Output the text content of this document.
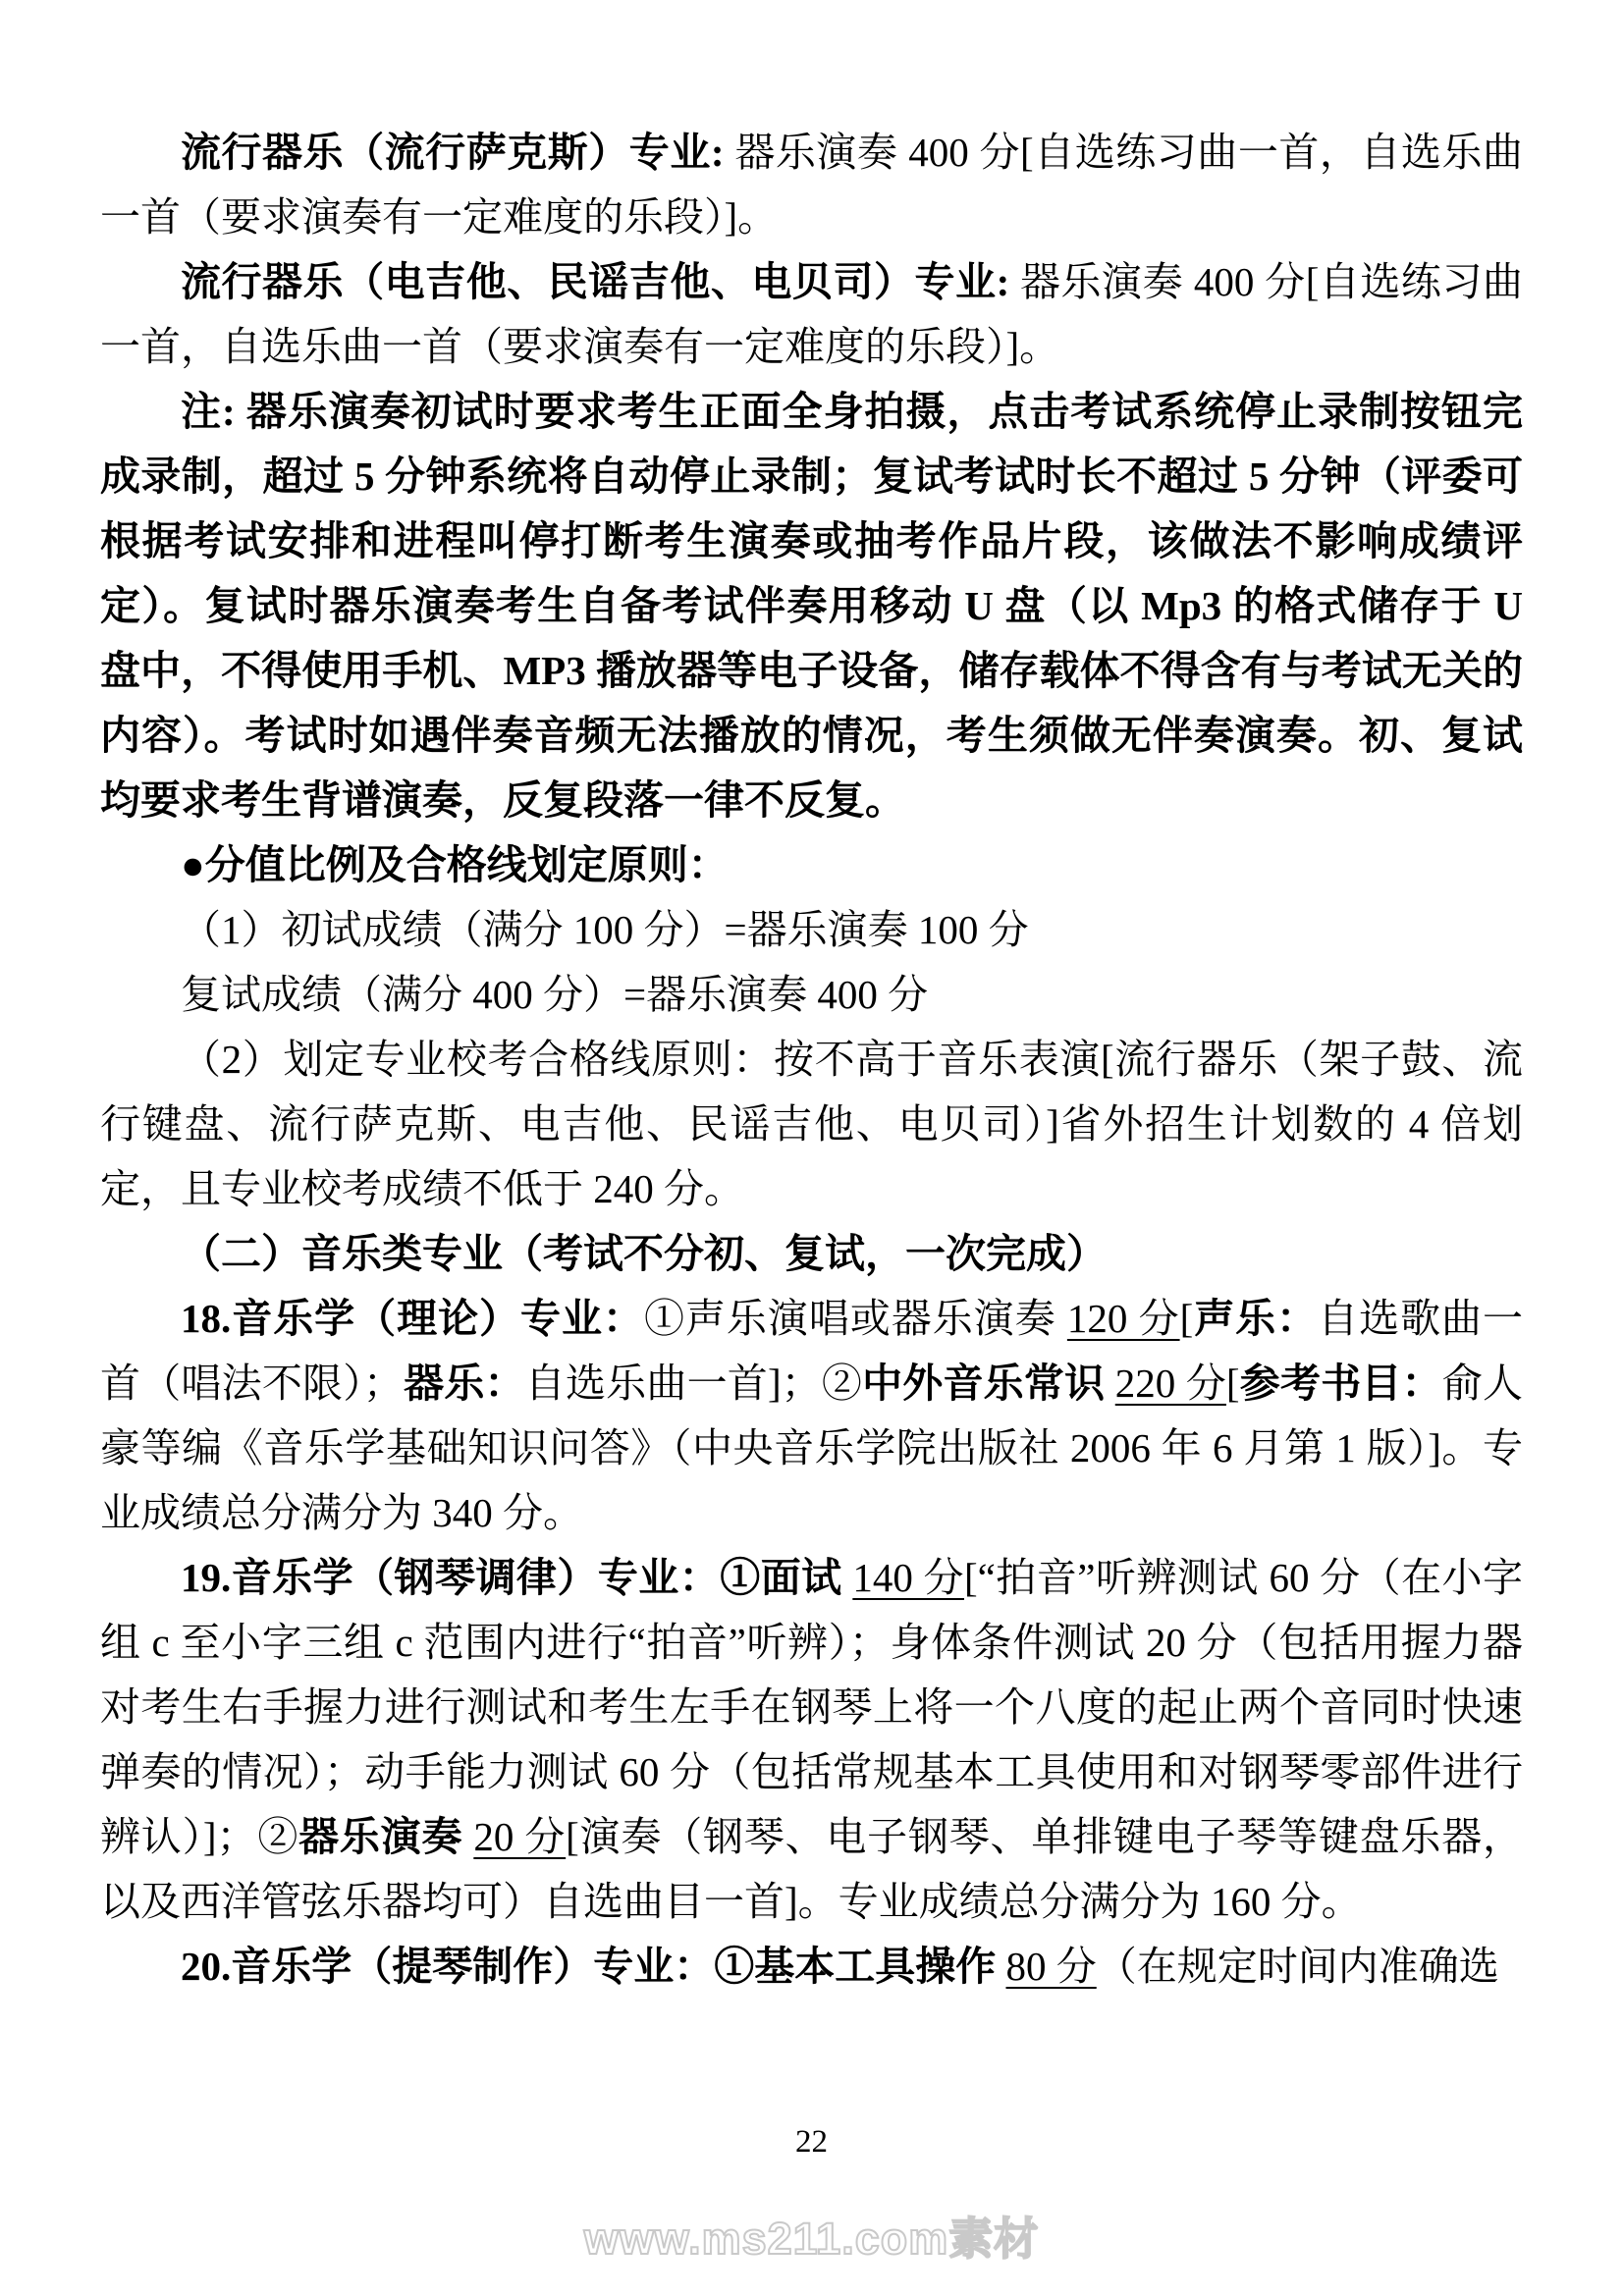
流行器乐（流行萨克斯）专业: 器乐演奏 400 分[自选练习曲一首，自选乐曲一首（要求演奏有一定难度的乐段）]。

流行器乐（电吉他、民谣吉他、电贝司）专业: 器乐演奏 400 分[自选练习曲一首，自选乐曲一首（要求演奏有一定难度的乐段）]。

注: 器乐演奏初试时要求考生正面全身拍摄，点击考试系统停止录制按钮完成录制，超过 5 分钟系统将自动停止录制；复试考试时长不超过 5 分钟（评委可根据考试安排和进程叫停打断考生演奏或抽考作品片段，该做法不影响成绩评定）。复试时器乐演奏考生自备考试伴奏用移动 U 盘（以 Mp3 的格式储存于 U 盘中，不得使用手机、MP3 播放器等电子设备，储存载体不得含有与考试无关的内容）。考试时如遇伴奏音频无法播放的情况，考生须做无伴奏演奏。初、复试均要求考生背谱演奏，反复段落一律不反复。

●分值比例及合格线划定原则：

（1）初试成绩（满分 100 分）=器乐演奏 100 分

复试成绩（满分 400 分）=器乐演奏 400 分

（2）划定专业校考合格线原则：按不高于音乐表演[流行器乐（架子鼓、流行键盘、流行萨克斯、电吉他、民谣吉他、电贝司）]省外招生计划数的 4 倍划定，且专业校考成绩不低于 240 分。

（二）音乐类专业（考试不分初、复试，一次完成）

18.音乐学（理论）专业：①声乐演唱或器乐演奏 120 分[声乐：自选歌曲一首（唱法不限）；器乐：自选乐曲一首]；②中外音乐常识 220 分[参考书目：俞人豪等编《音乐学基础知识问答》（中央音乐学院出版社 2006 年 6 月第 1 版）]。专业成绩总分满分为 340 分。

19.音乐学（钢琴调律）专业：①面试 140 分[“拍音”听辨测试 60 分（在小字组 c 至小字三组 c 范围内进行“拍音”听辨）；身体条件测试 20 分（包括用握力器对考生右手握力进行测试和考生左手在钢琴上将一个八度的起止两个音同时快速弹奏的情况）；动手能力测试 60 分（包括常规基本工具使用和对钢琴零部件进行辨认）]；②器乐演奏 20 分[演奏（钢琴、电子钢琴、单排键电子琴等键盘乐器，以及西洋管弦乐器均可）自选曲目一首]。专业成绩总分满分为 160 分。

20.音乐学（提琴制作）专业：①基本工具操作 80 分（在规定时间内准确选

22
www.ms211.com素材
